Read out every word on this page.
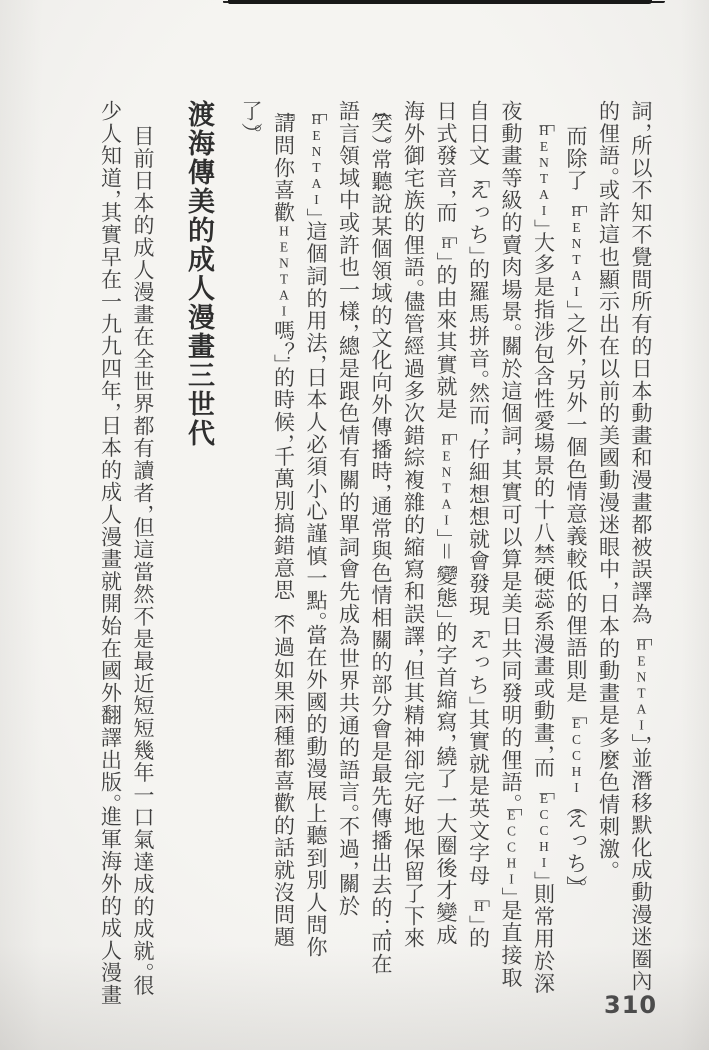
詞，所以不知不覺間所有的日本動畫和漫畫都被誤譯為「HENTAI」，並潛移默化成動漫迷圈內
的俚語。或許這也顯示出在以前的美國動漫迷眼中，日本的動畫是多麼色情刺激。
而除了「HENTAI」之外，另外一個色情意義較低的俚語則是「ECCHI（えっち）」。
「HENTAI」大多是指涉包含性愛場景的十八禁硬蕊系漫畫或動畫，而「ECCHI」則常用於深
夜動畫等級的賣肉場景。關於這個詞，其實可以算是美日共同發明的俚語。「ECCHI」是直接取
自日文「えっち」的羅馬拼音。然而，仔細想想就會發現「えっち」其實就是英文字母「H」的
日式發音，而「H」的由來其實就是「HENTAI」＝「變態」的字首縮寫，繞了一大圈後才變成
海外御宅族的俚語。儘管經過多次錯綜複雜的縮寫和誤譯，但其精神卻完好地保留了下來
（笑）。常聽說某個領域的文化向外傳播時，通常與色情相關的部分會是最先傳播出去的；而在
語言領域中或許也一樣，總是跟色情有關的單詞會先成為世界共通的語言。不過，關於
「HENTAI」這個詞的用法，日本人必須小心謹慎一點。當在外國的動漫展上聽到別人問你
「請問你喜歡HENTAI嗎？」的時候，千萬別搞錯意思（不過如果兩種都喜歡的話就沒問題
了）。
渡海傳美的成人漫畫三世代
目前日本的成人漫畫在全世界都有讀者，但這當然不是最近短短幾年一口氣達成的成就。很
少人知道，其實早在一九九四年，日本的成人漫畫就開始在國外翻譯出版。進軍海外的成人漫畫	310
